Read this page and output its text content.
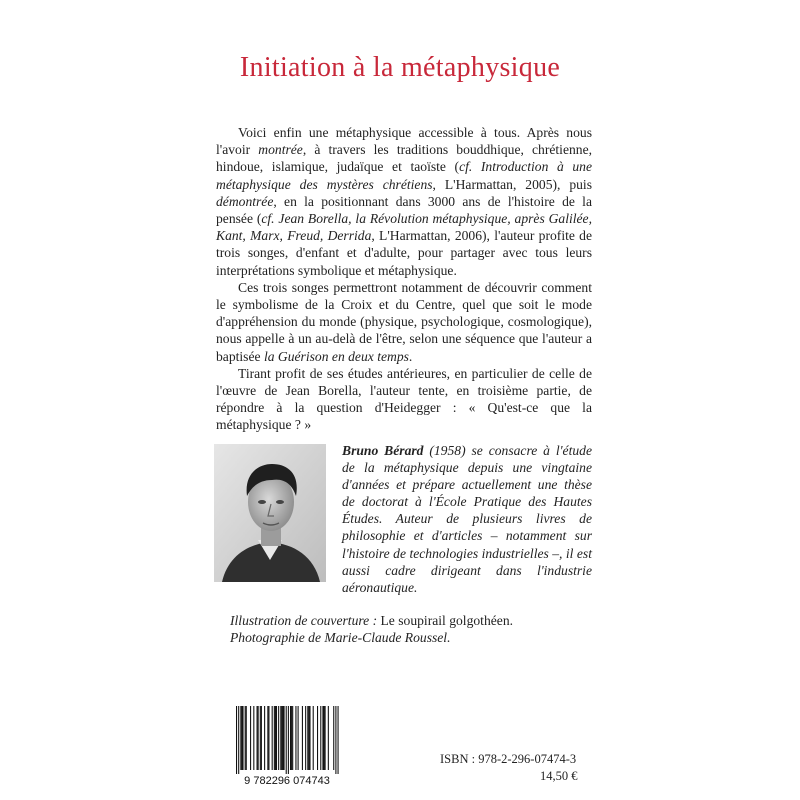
Initiation à la métaphysique

Voici enfin une métaphysique accessible à tous. Après nous l'avoir montrée, à travers les traditions bouddhique, chrétienne, hindoue, islamique, judaïque et taoïste (cf. Introduction à une métaphysique des mystères chrétiens, L'Harmattan, 2005), puis démontrée, en la positionnant dans 3000 ans de l'histoire de la pensée (cf. Jean Borella, la Révolution métaphysique, après Galilée, Kant, Marx, Freud, Derrida, L'Harmattan, 2006), l'auteur profite de trois songes, d'enfant et d'adulte, pour partager avec tous leurs interprétations symbolique et métaphysique.

Ces trois songes permettront notamment de découvrir comment le symbolisme de la Croix et du Centre, quel que soit le mode d'appréhension du monde (physique, psychologique, cosmologique), nous appelle à un au-delà de l'être, selon une séquence que l'auteur a baptisée la Guérison en deux temps.

Tirant profit de ses études antérieures, en particulier de celle de l'œuvre de Jean Borella, l'auteur tente, en troisième partie, de répondre à la question d'Heidegger : « Qu'est-ce que la métaphysique ? »

Bruno Bérard (1958) se consacre à l'étude de la métaphysique depuis une vingtaine d'années et prépare actuellement une thèse de doctorat à l'École Pratique des Hautes Études. Auteur de plusieurs livres de philosophie et d'articles – notamment sur l'histoire de technologies industrielles –, il est aussi cadre dirigeant dans l'industrie aéronautique.
Illustration de couverture : Le soupirail golgothéen. Photographie de Marie-Claude Roussel.
9 782296 074743
ISBN : 978-2-296-07474-3
14,50 €
